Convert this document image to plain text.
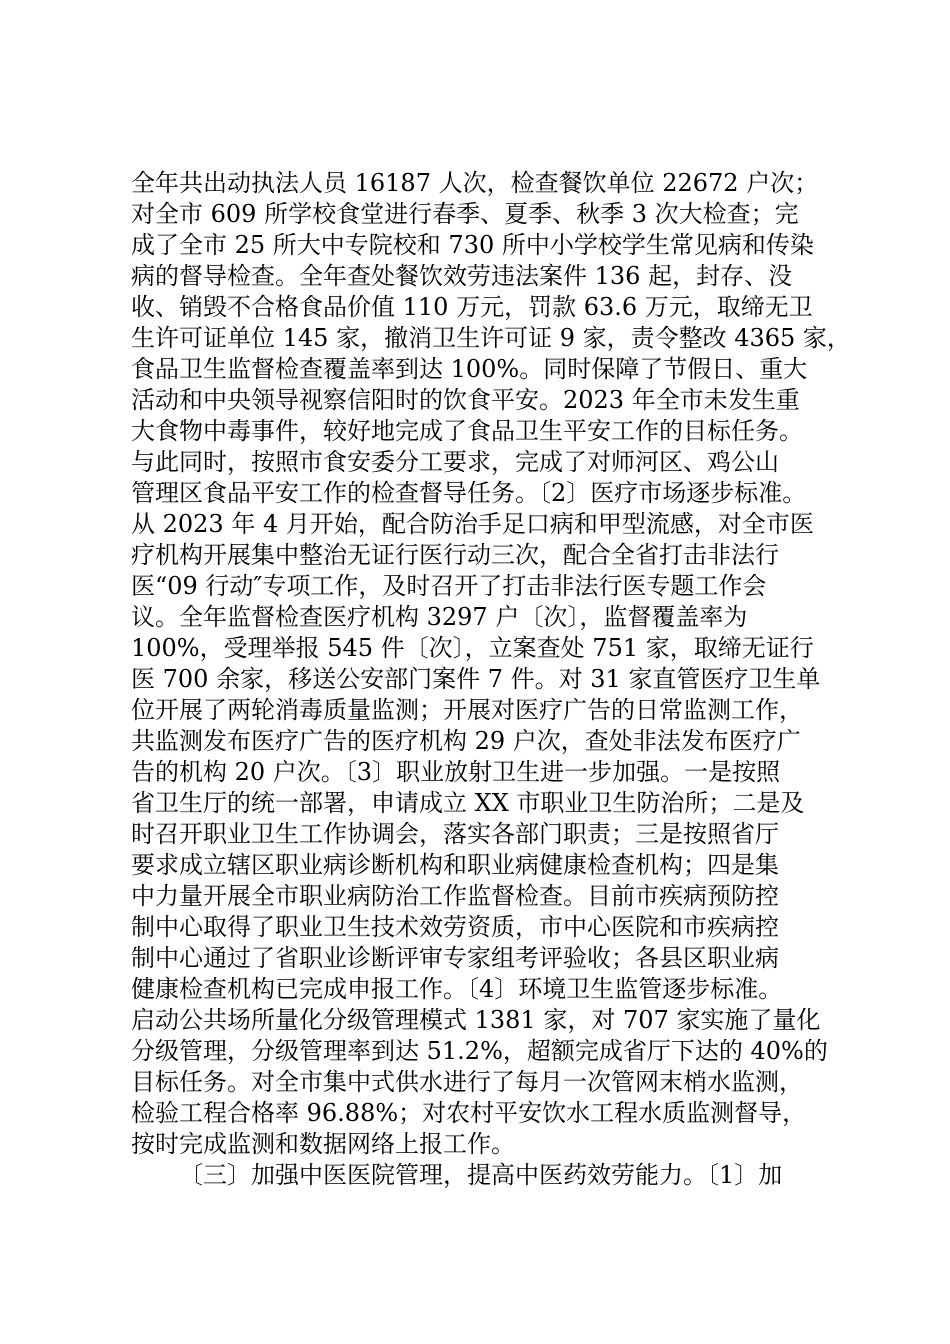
全年共出动执法人员 16187 人次，检查餐饮单位 22672 户次；
对全市 609 所学校食堂进行春季、夏季、秋季 3 次大检查；完
成了全市 25 所大中专院校和 730 所中小学校学生常见病和传染
病的督导检查。全年查处餐饮效劳违法案件 136 起，封存、没
收、销毁不合格食品价值 110 万元，罚款 63.6 万元，取缔无卫
生许可证单位 145 家，撤消卫生许可证 9 家，责令整改 4365 家，
食品卫生监督检查覆盖率到达 100%。同时保障了节假日、重大
活动和中央领导视察信阳时的饮食平安。2023 年全市未发生重
大食物中毒事件，较好地完成了食品卫生平安工作的目标任务。
与此同时，按照市食安委分工要求，完成了对师河区、鸡公山
管理区食品平安工作的检查督导任务。〔2〕医疗市场逐步标准。
从 2023 年 4 月开始，配合防治手足口病和甲型流感，对全市医
疗机构开展集中整治无证行医行动三次，配合全省打击非法行
医“09 行动″专项工作，及时召开了打击非法行医专题工作会
议。全年监督检查医疗机构 3297 户〔次〕，监督覆盖率为
100%，受理举报 545 件〔次〕，立案查处 751 家，取缔无证行
医 700 余家，移送公安部门案件 7 件。对 31 家直管医疗卫生单
位开展了两轮消毒质量监测；开展对医疗广告的日常监测工作，
共监测发布医疗广告的医疗机构 29 户次，查处非法发布医疗广
告的机构 20 户次。〔3〕职业放射卫生进一步加强。一是按照
省卫生厅的统一部署，申请成立 XX 市职业卫生防治所；二是及
时召开职业卫生工作协调会，落实各部门职责；三是按照省厅
要求成立辖区职业病诊断机构和职业病健康检查机构；四是集
中力量开展全市职业病防治工作监督检查。目前市疾病预防控
制中心取得了职业卫生技术效劳资质，市中心医院和市疾病控
制中心通过了省职业诊断评审专家组考评验收；各县区职业病
健康检查机构已完成申报工作。〔4〕环境卫生监管逐步标准。
启动公共场所量化分级管理模式 1381 家，对 707 家实施了量化
分级管理，分级管理率到达 51.2%，超额完成省厅下达的 40%的
目标任务。对全市集中式供水进行了每月一次管网末梢水监测，
检验工程合格率 96.88%；对农村平安饮水工程水质监测督导，
按时完成监测和数据网络上报工作。
〔三〕加强中医医院管理，提高中医药效劳能力。〔1〕加
